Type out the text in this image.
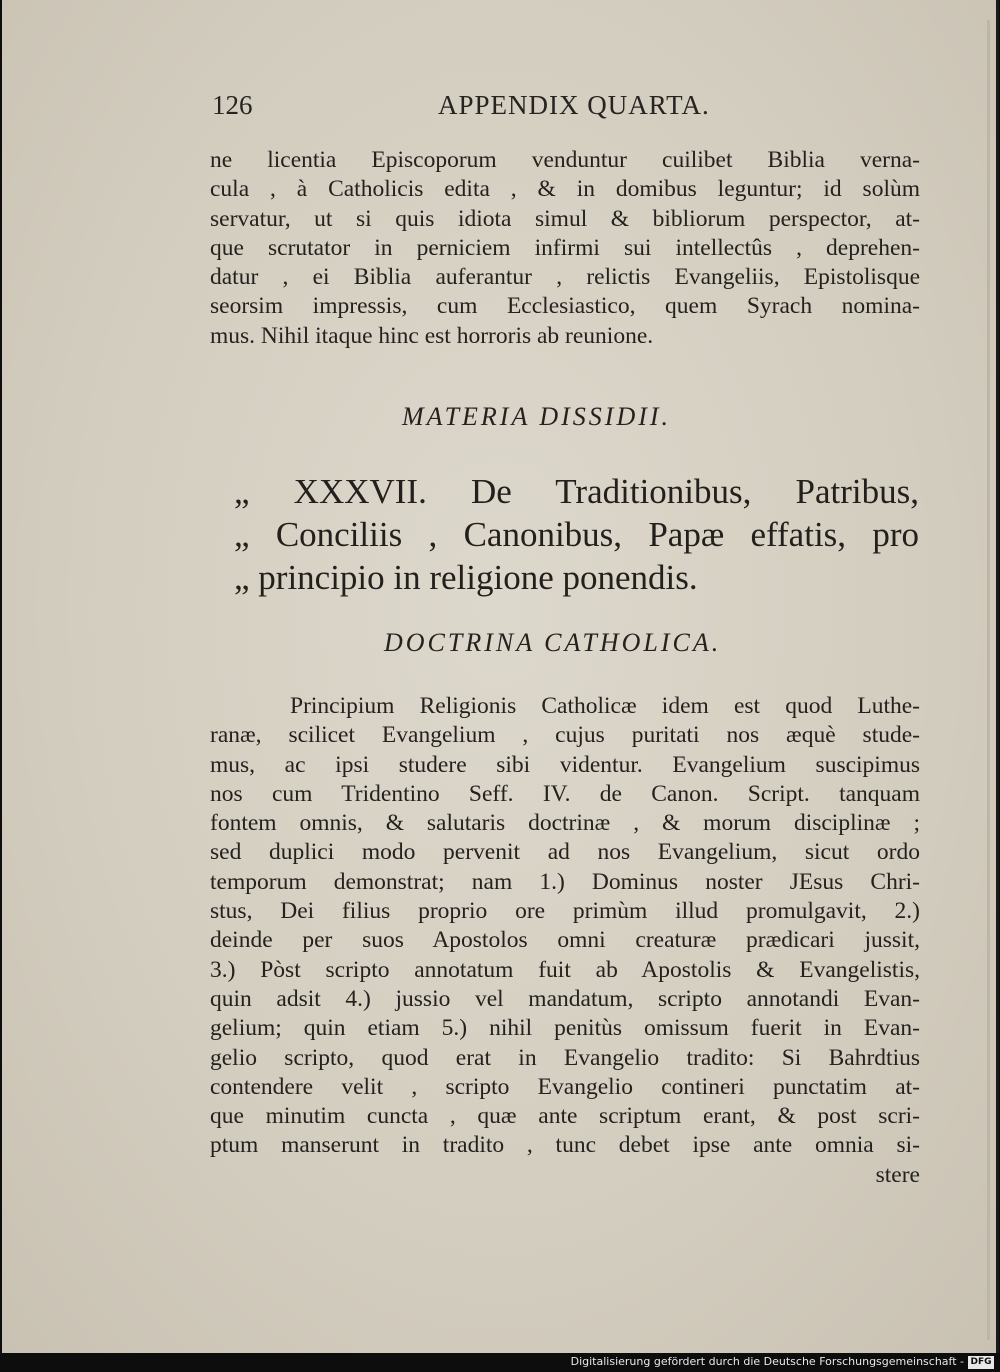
126	APPENDIX QUARTA.
ne licentia Episcoporum venduntur cuilibet Biblia verna-
cula , à Catholicis edita , & in domibus leguntur; id solùm
servatur, ut si quis idiota simul & bibliorum perspector, at-
que scrutator in perniciem infirmi sui intellectûs , deprehen-
datur , ei Biblia auferantur , relictis Evangeliis, Epistolisque
seorsim impressis, cum Ecclesiastico, quem Syrach nomina-
mus. Nihil itaque hinc est horroris ab reunione.
MATERIA DISSIDII.
„ XXXVII. De Traditionibus, Patribus,
„ Conciliis , Canonibus, Papæ effatis, pro
„ principio in religione ponendis.
DOCTRINA CATHOLICA.
Principium Religionis Catholicæ idem est quod Luthe-
ranæ, scilicet Evangelium , cujus puritati nos æquè stude-
mus, ac ipsi studere sibi videntur. Evangelium suscipimus
nos cum Tridentino Seff. IV. de Canon. Script. tanquam
fontem omnis, & salutaris doctrinæ , & morum disciplinæ ;
sed duplici modo pervenit ad nos Evangelium, sicut ordo
temporum demonstrat; nam 1.) Dominus noster JEsus Chri-
stus, Dei filius proprio ore primùm illud promulgavit, 2.)
deinde per suos Apostolos omni creaturæ prædicari jussit,
3.) Pòst scripto annotatum fuit ab Apostolis & Evangelistis,
quin adsit 4.) jussio vel mandatum, scripto annotandi Evan-
gelium; quin etiam 5.) nihil penitùs omissum fuerit in Evan-
gelio scripto, quod erat in Evangelio tradito: Si Bahrdtius
contendere velit , scripto Evangelio contineri punctatim at-
que minutim cuncta , quæ ante scriptum erant, & post scri-
ptum manserunt in tradito , tunc debet ipse ante omnia si-
stere
Digitalisierung gefördert durch die Deutsche Forschungsgemeinschaft - DFG
